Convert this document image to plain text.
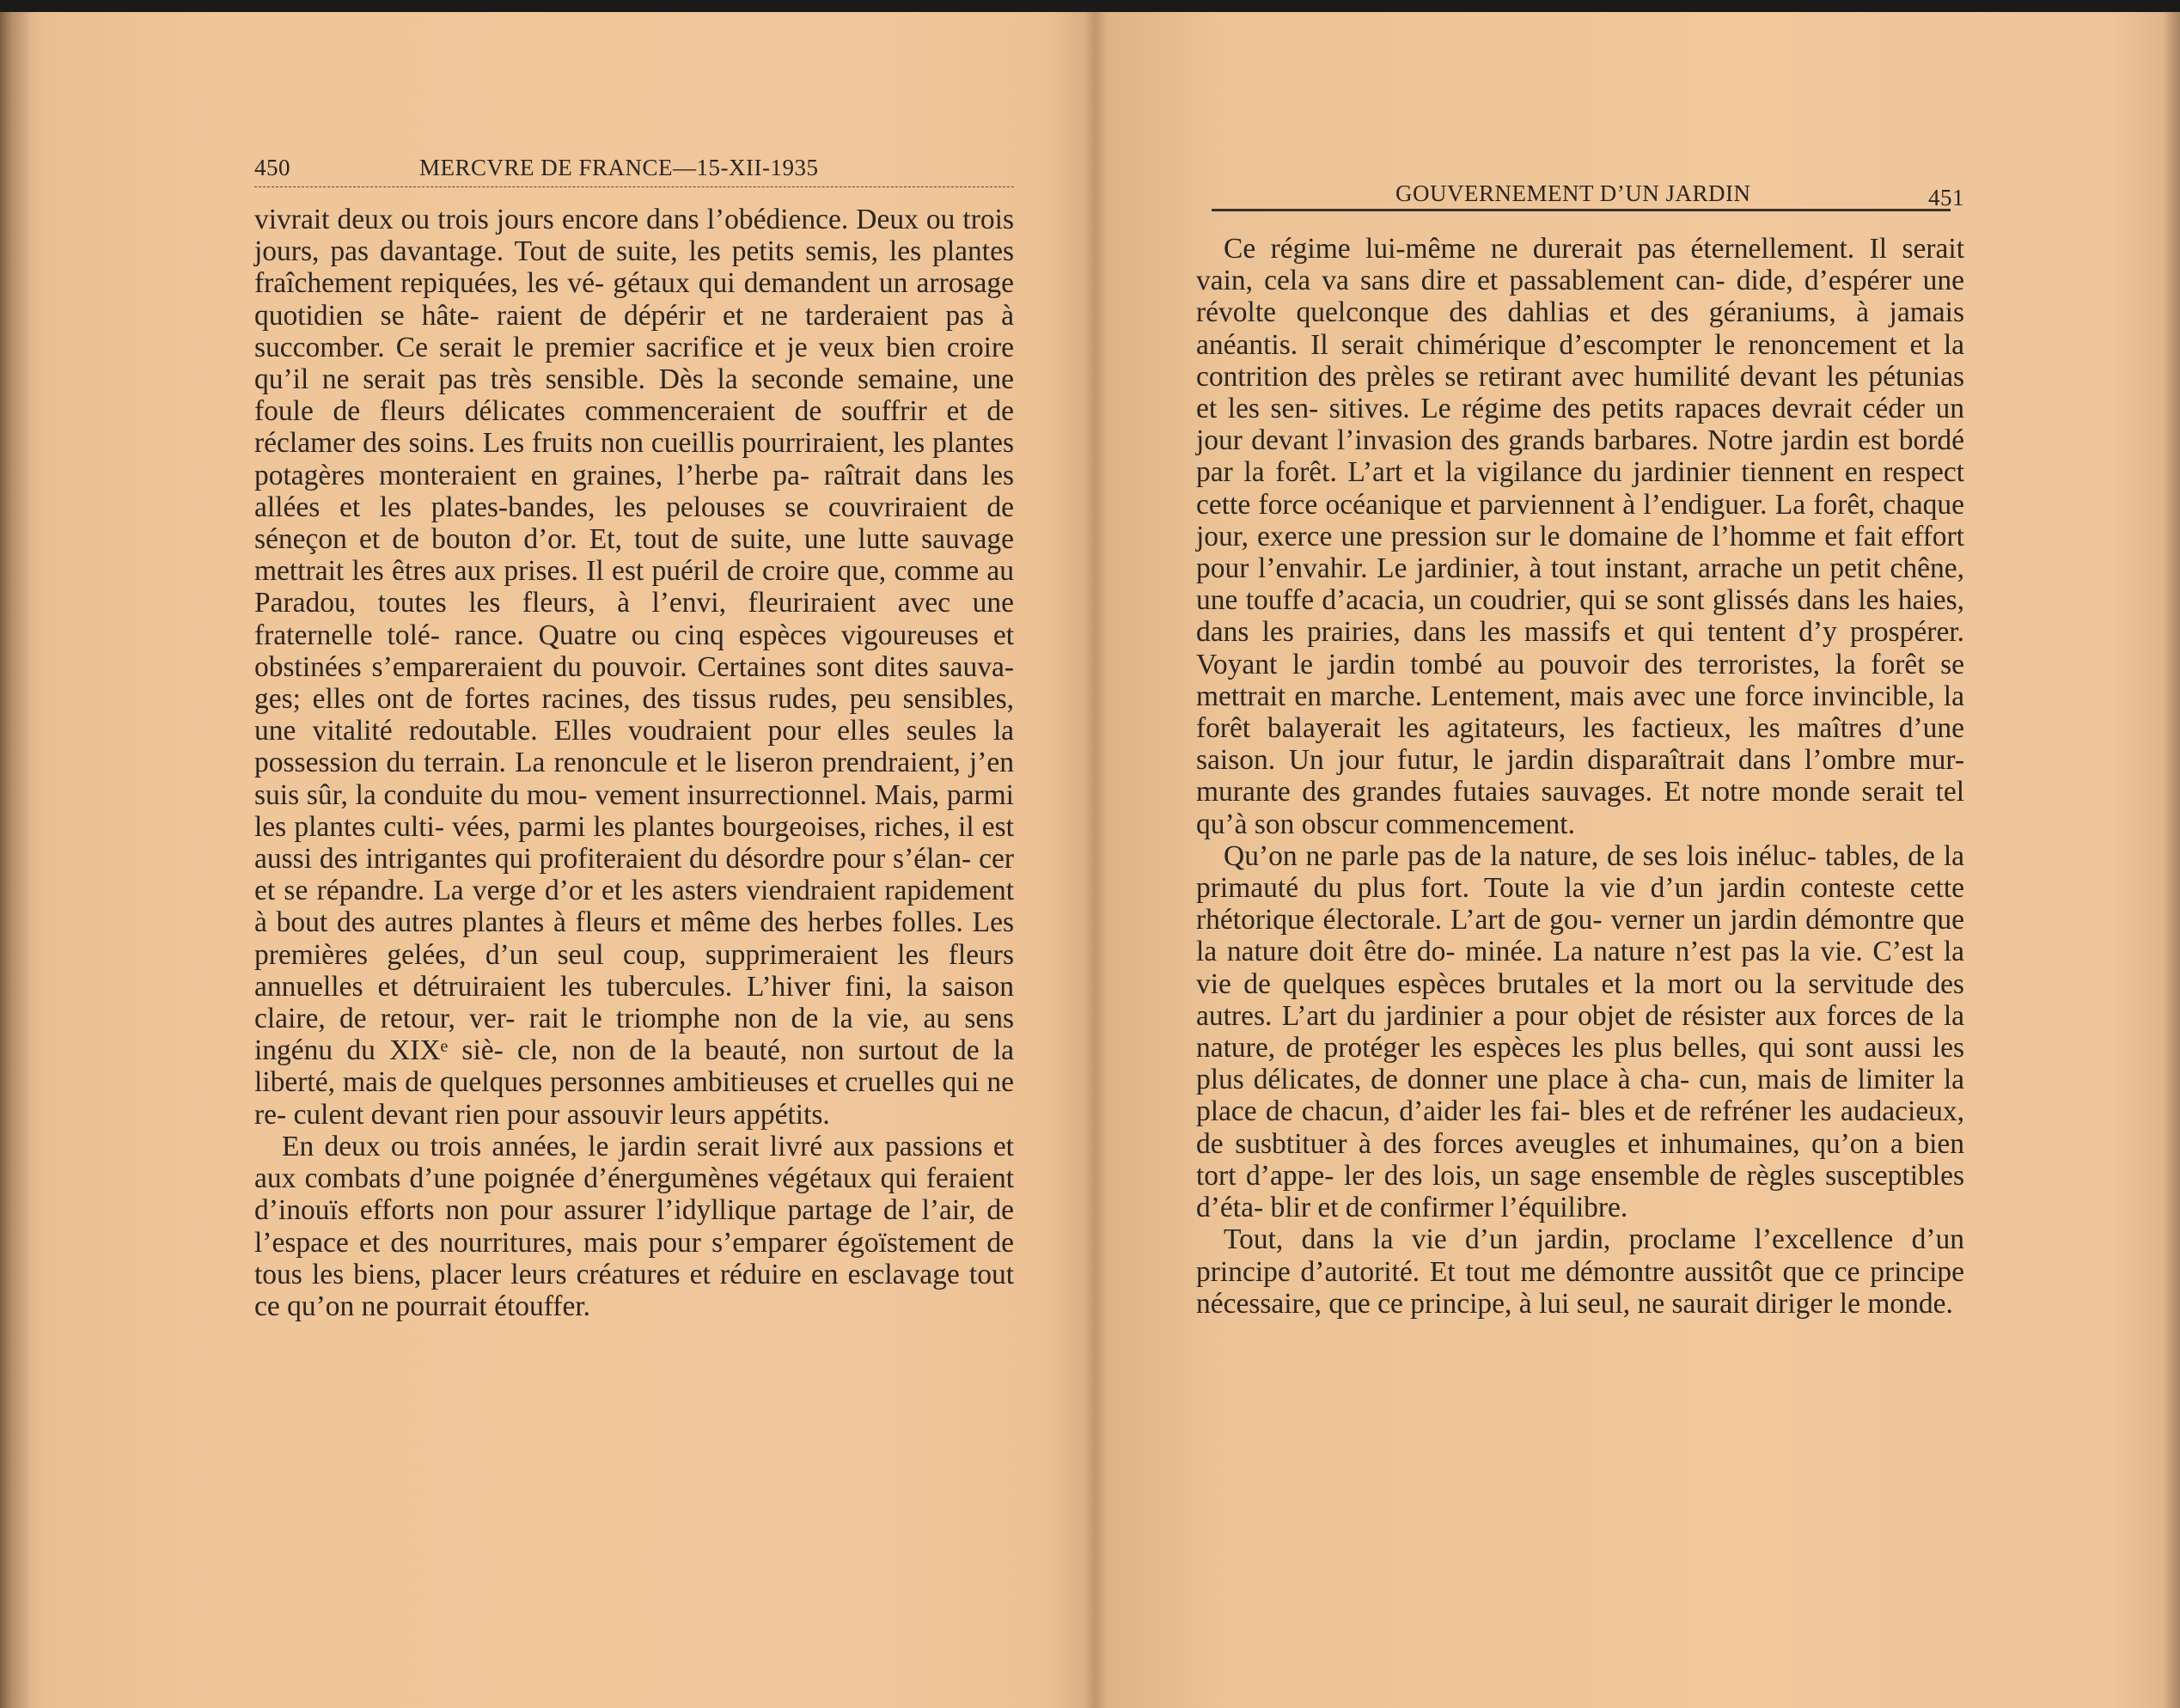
450	MERCVRE DE FRANCE—15-XII-1935

vivrait deux ou trois jours encore dans l’obédience. Deux ou trois jours, pas davantage. Tout de suite, les petits semis, les plantes fraîchement repiquées, les vé- gétaux qui demandent un arrosage quotidien se hâte- raient de dépérir et ne tarderaient pas à succomber. Ce serait le premier sacrifice et je veux bien croire qu’il ne serait pas très sensible. Dès la seconde semaine, une foule de fleurs délicates commenceraient de souffrir et de réclamer des soins. Les fruits non cueillis pourriraient, les plantes potagères monteraient en graines, l’herbe pa- raîtrait dans les allées et les plates-bandes, les pelouses se couvriraient de séneçon et de bouton d’or. Et, tout de suite, une lutte sauvage mettrait les êtres aux prises. Il est puéril de croire que, comme au Paradou, toutes les fleurs, à l’envi, fleuriraient avec une fraternelle tolé- rance. Quatre ou cinq espèces vigoureuses et obstinées s’empareraient du pouvoir. Certaines sont dites sauva- ges; elles ont de fortes racines, des tissus rudes, peu sensibles, une vitalité redoutable. Elles voudraient pour elles seules la possession du terrain. La renoncule et le liseron prendraient, j’en suis sûr, la conduite du mou- vement insurrectionnel. Mais, parmi les plantes culti- vées, parmi les plantes bourgeoises, riches, il est aussi des intrigantes qui profiteraient du désordre pour s’élan- cer et se répandre. La verge d’or et les asters viendraient rapidement à bout des autres plantes à fleurs et même des herbes folles. Les premières gelées, d’un seul coup, supprimeraient les fleurs annuelles et détruiraient les tubercules. L’hiver fini, la saison claire, de retour, ver- rait le triomphe non de la vie, au sens ingénu du XIXᵉ siè- cle, non de la beauté, non surtout de la liberté, mais de quelques personnes ambitieuses et cruelles qui ne re- culent devant rien pour assouvir leurs appétits.

En deux ou trois années, le jardin serait livré aux passions et aux combats d’une poignée d’énergumènes végétaux qui feraient d’inouïs efforts non pour assurer l’idyllique partage de l’air, de l’espace et des nourritures, mais pour s’emparer égoïstement de tous les biens, placer leurs créatures et réduire en esclavage tout ce qu’on ne pourrait étouffer.

GOUVERNEMENT D’UN JARDIN	451

Ce régime lui-même ne durerait pas éternellement. Il serait vain, cela va sans dire et passablement can- dide, d’espérer une révolte quelconque des dahlias et des géraniums, à jamais anéantis. Il serait chimérique d’escompter le renoncement et la contrition des prèles se retirant avec humilité devant les pétunias et les sen- sitives. Le régime des petits rapaces devrait céder un jour devant l’invasion des grands barbares. Notre jardin est bordé par la forêt. L’art et la vigilance du jardinier tiennent en respect cette force océanique et parviennent à l’endiguer. La forêt, chaque jour, exerce une pression sur le domaine de l’homme et fait effort pour l’envahir. Le jardinier, à tout instant, arrache un petit chêne, une touffe d’acacia, un coudrier, qui se sont glissés dans les haies, dans les prairies, dans les massifs et qui tentent d’y prospérer. Voyant le jardin tombé au pouvoir des terroristes, la forêt se mettrait en marche. Lentement, mais avec une force invincible, la forêt balayerait les agitateurs, les factieux, les maîtres d’une saison. Un jour futur, le jardin disparaîtrait dans l’ombre mur- murante des grandes futaies sauvages. Et notre monde serait tel qu’à son obscur commencement.

Qu’on ne parle pas de la nature, de ses lois inéluc- tables, de la primauté du plus fort. Toute la vie d’un jardin conteste cette rhétorique électorale. L’art de gou- verner un jardin démontre que la nature doit être do- minée. La nature n’est pas la vie. C’est la vie de quelques espèces brutales et la mort ou la servitude des autres. L’art du jardinier a pour objet de résister aux forces de la nature, de protéger les espèces les plus belles, qui sont aussi les plus délicates, de donner une place à cha- cun, mais de limiter la place de chacun, d’aider les fai- bles et de refréner les audacieux, de susbtituer à des forces aveugles et inhumaines, qu’on a bien tort d’appe- ler des lois, un sage ensemble de règles susceptibles d’éta- blir et de confirmer l’équilibre.

Tout, dans la vie d’un jardin, proclame l’excellence d’un principe d’autorité. Et tout me démontre aussitôt que ce principe nécessaire, que ce principe, à lui seul, ne saurait diriger le monde.
